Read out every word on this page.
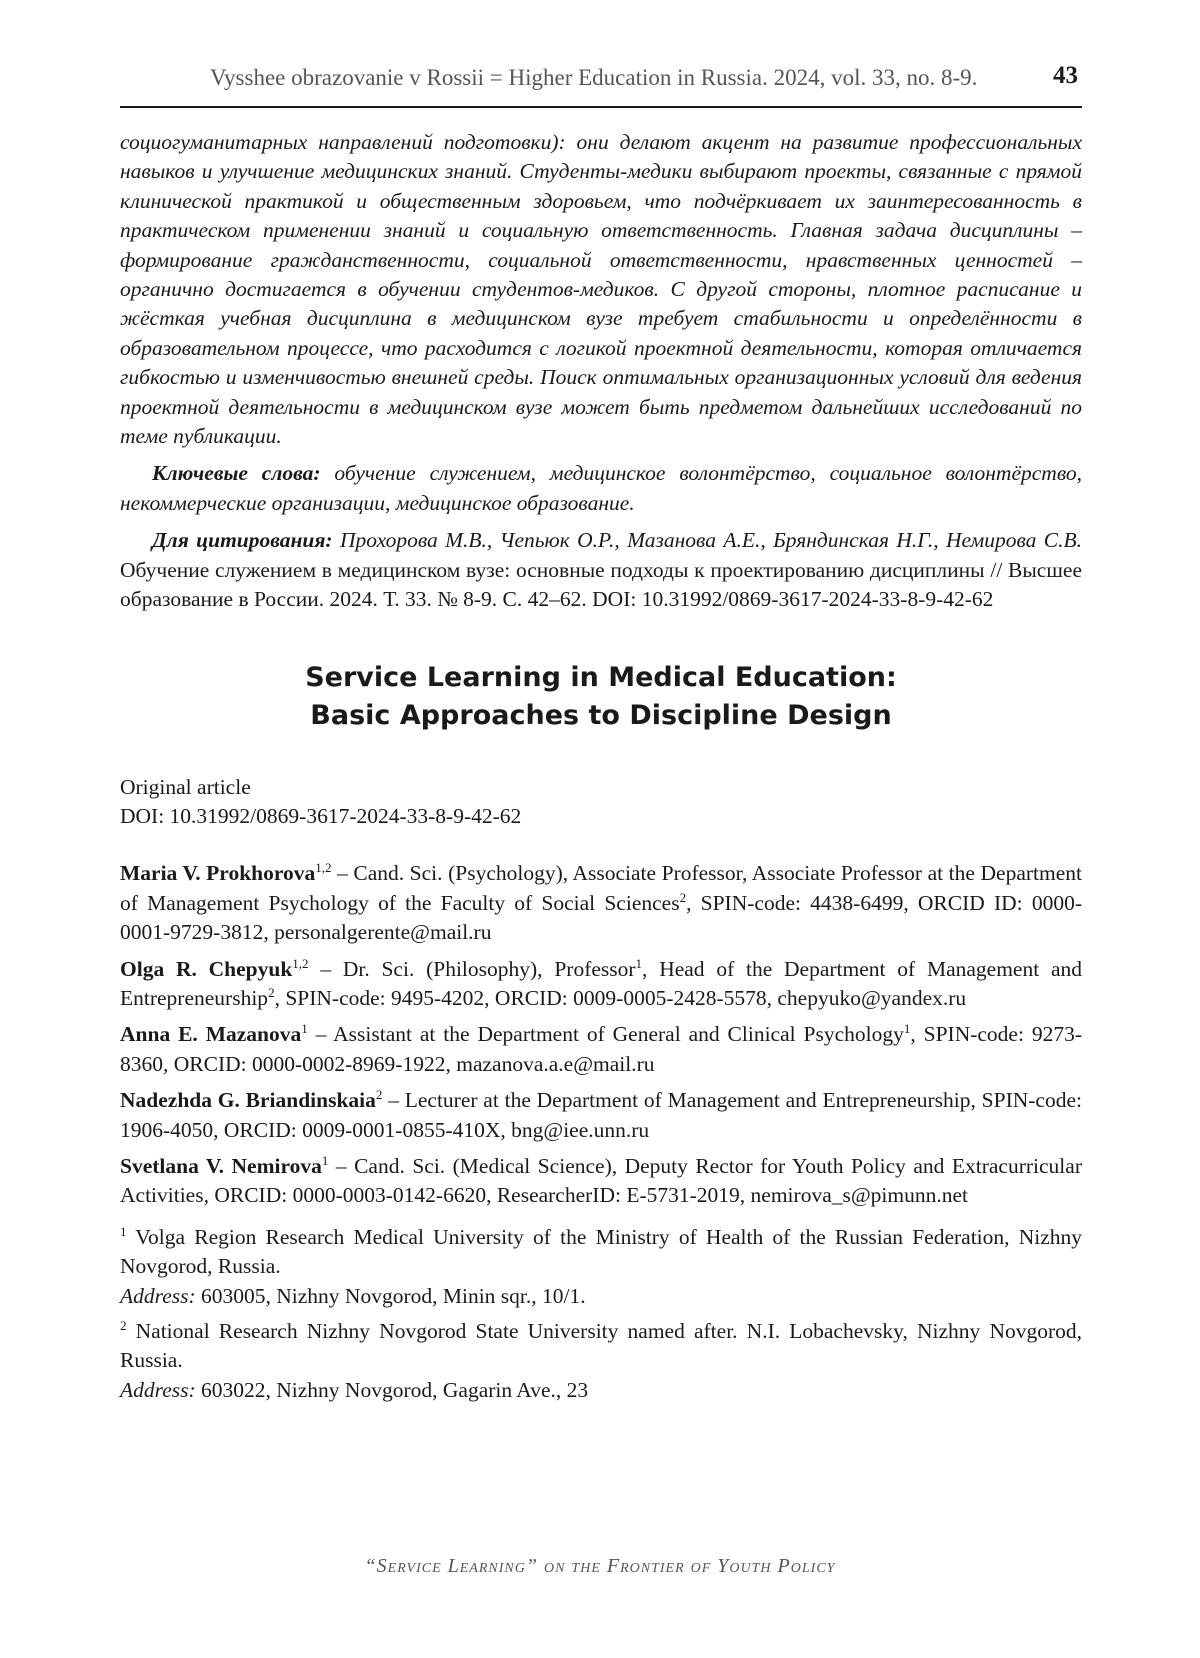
Vysshee obrazovanie v Rossii = Higher Education in Russia. 2024, vol. 33, no. 8-9.	43

социогуманитарных направлений подготовки): они делают акцент на развитие профессиональных навыков и улучшение медицинских знаний. Студенты-медики выбирают проекты, связанные с прямой клинической практикой и общественным здоровьем, что подчёркивает их заинтересованность в практическом применении знаний и социальную ответственность. Главная задача дисциплины – формирование гражданственности, социальной ответственности, нравственных ценностей – органично достигается в обучении студентов-медиков. С другой стороны, плотное расписание и жёсткая учебная дисциплина в медицинском вузе требует стабильности и определённости в образовательном процессе, что расходится с логикой проектной деятельности, которая отличается гибкостью и изменчивостью внешней среды. Поиск оптимальных организационных условий для ведения проектной деятельности в медицинском вузе может быть предметом дальнейших исследований по теме публикации.

Ключевые слова: обучение служением, медицинское волонтёрство, социальное волонтёрство, некоммерческие организации, медицинское образование.

Для цитирования: Прохорова М.В., Чепьюк О.Р., Мазанова А.Е., Бряндинская Н.Г., Немирова С.В. Обучение служением в медицинском вузе: основные подходы к проектированию дисциплины // Высшее образование в России. 2024. Т. 33. № 8-9. С. 42–62. DOI: 10.31992/0869-3617-2024-33-8-9-42-62

Service Learning in Medical Education:
Basic Approaches to Discipline Design
Original article
DOI: 10.31992/0869-3617-2024-33-8-9-42-62

Maria V. Prokhorova$^{1,2}$ – Cand. Sci. (Psychology), Associate Professor, Associate Professor at the Department of Management Psychology of the Faculty of Social Sciences$^2$, SPIN-code: 4438-6499, ORCID ID: 0000-0001-9729-3812, personalgerente@mail.ru

Olga R. Chepyuk$^{1,2}$ – Dr. Sci. (Philosophy), Professor$^1$, Head of the Department of Management and Entrepreneurship$^2$, SPIN-code: 9495-4202, ORCID: 0009-0005-2428-5578, chepyuko@yandex.ru

Anna E. Mazanova$^1$ – Assistant at the Department of General and Clinical Psychology$^1$, SPIN-code: 9273-8360, ORCID: 0000-0002-8969-1922, mazanova.a.e@mail.ru

Nadezhda G. Briandinskaia$^2$ – Lecturer at the Department of Management and Entrepreneurship, SPIN-code: 1906-4050, ORCID: 0009-0001-0855-410X, bng@iee.unn.ru

Svetlana V. Nemirova$^1$ – Cand. Sci. (Medical Science), Deputy Rector for Youth Policy and Extracurricular Activities, ORCID: 0000-0003-0142-6620, ResearcherID: E-5731-2019, nemirova_s@pimunn.net

$^1$ Volga Region Research Medical University of the Ministry of Health of the Russian Federation, Nizhny Novgorod, Russia.

Address: 603005, Nizhny Novgorod, Minin sqr., 10/1.

$^2$ National Research Nizhny Novgorod State University named after. N.I. Lobachevsky, Nizhny Novgorod, Russia.

Address: 603022, Nizhny Novgorod, Gagarin Ave., 23

“Service Learning” on the Frontier of Youth Policy
